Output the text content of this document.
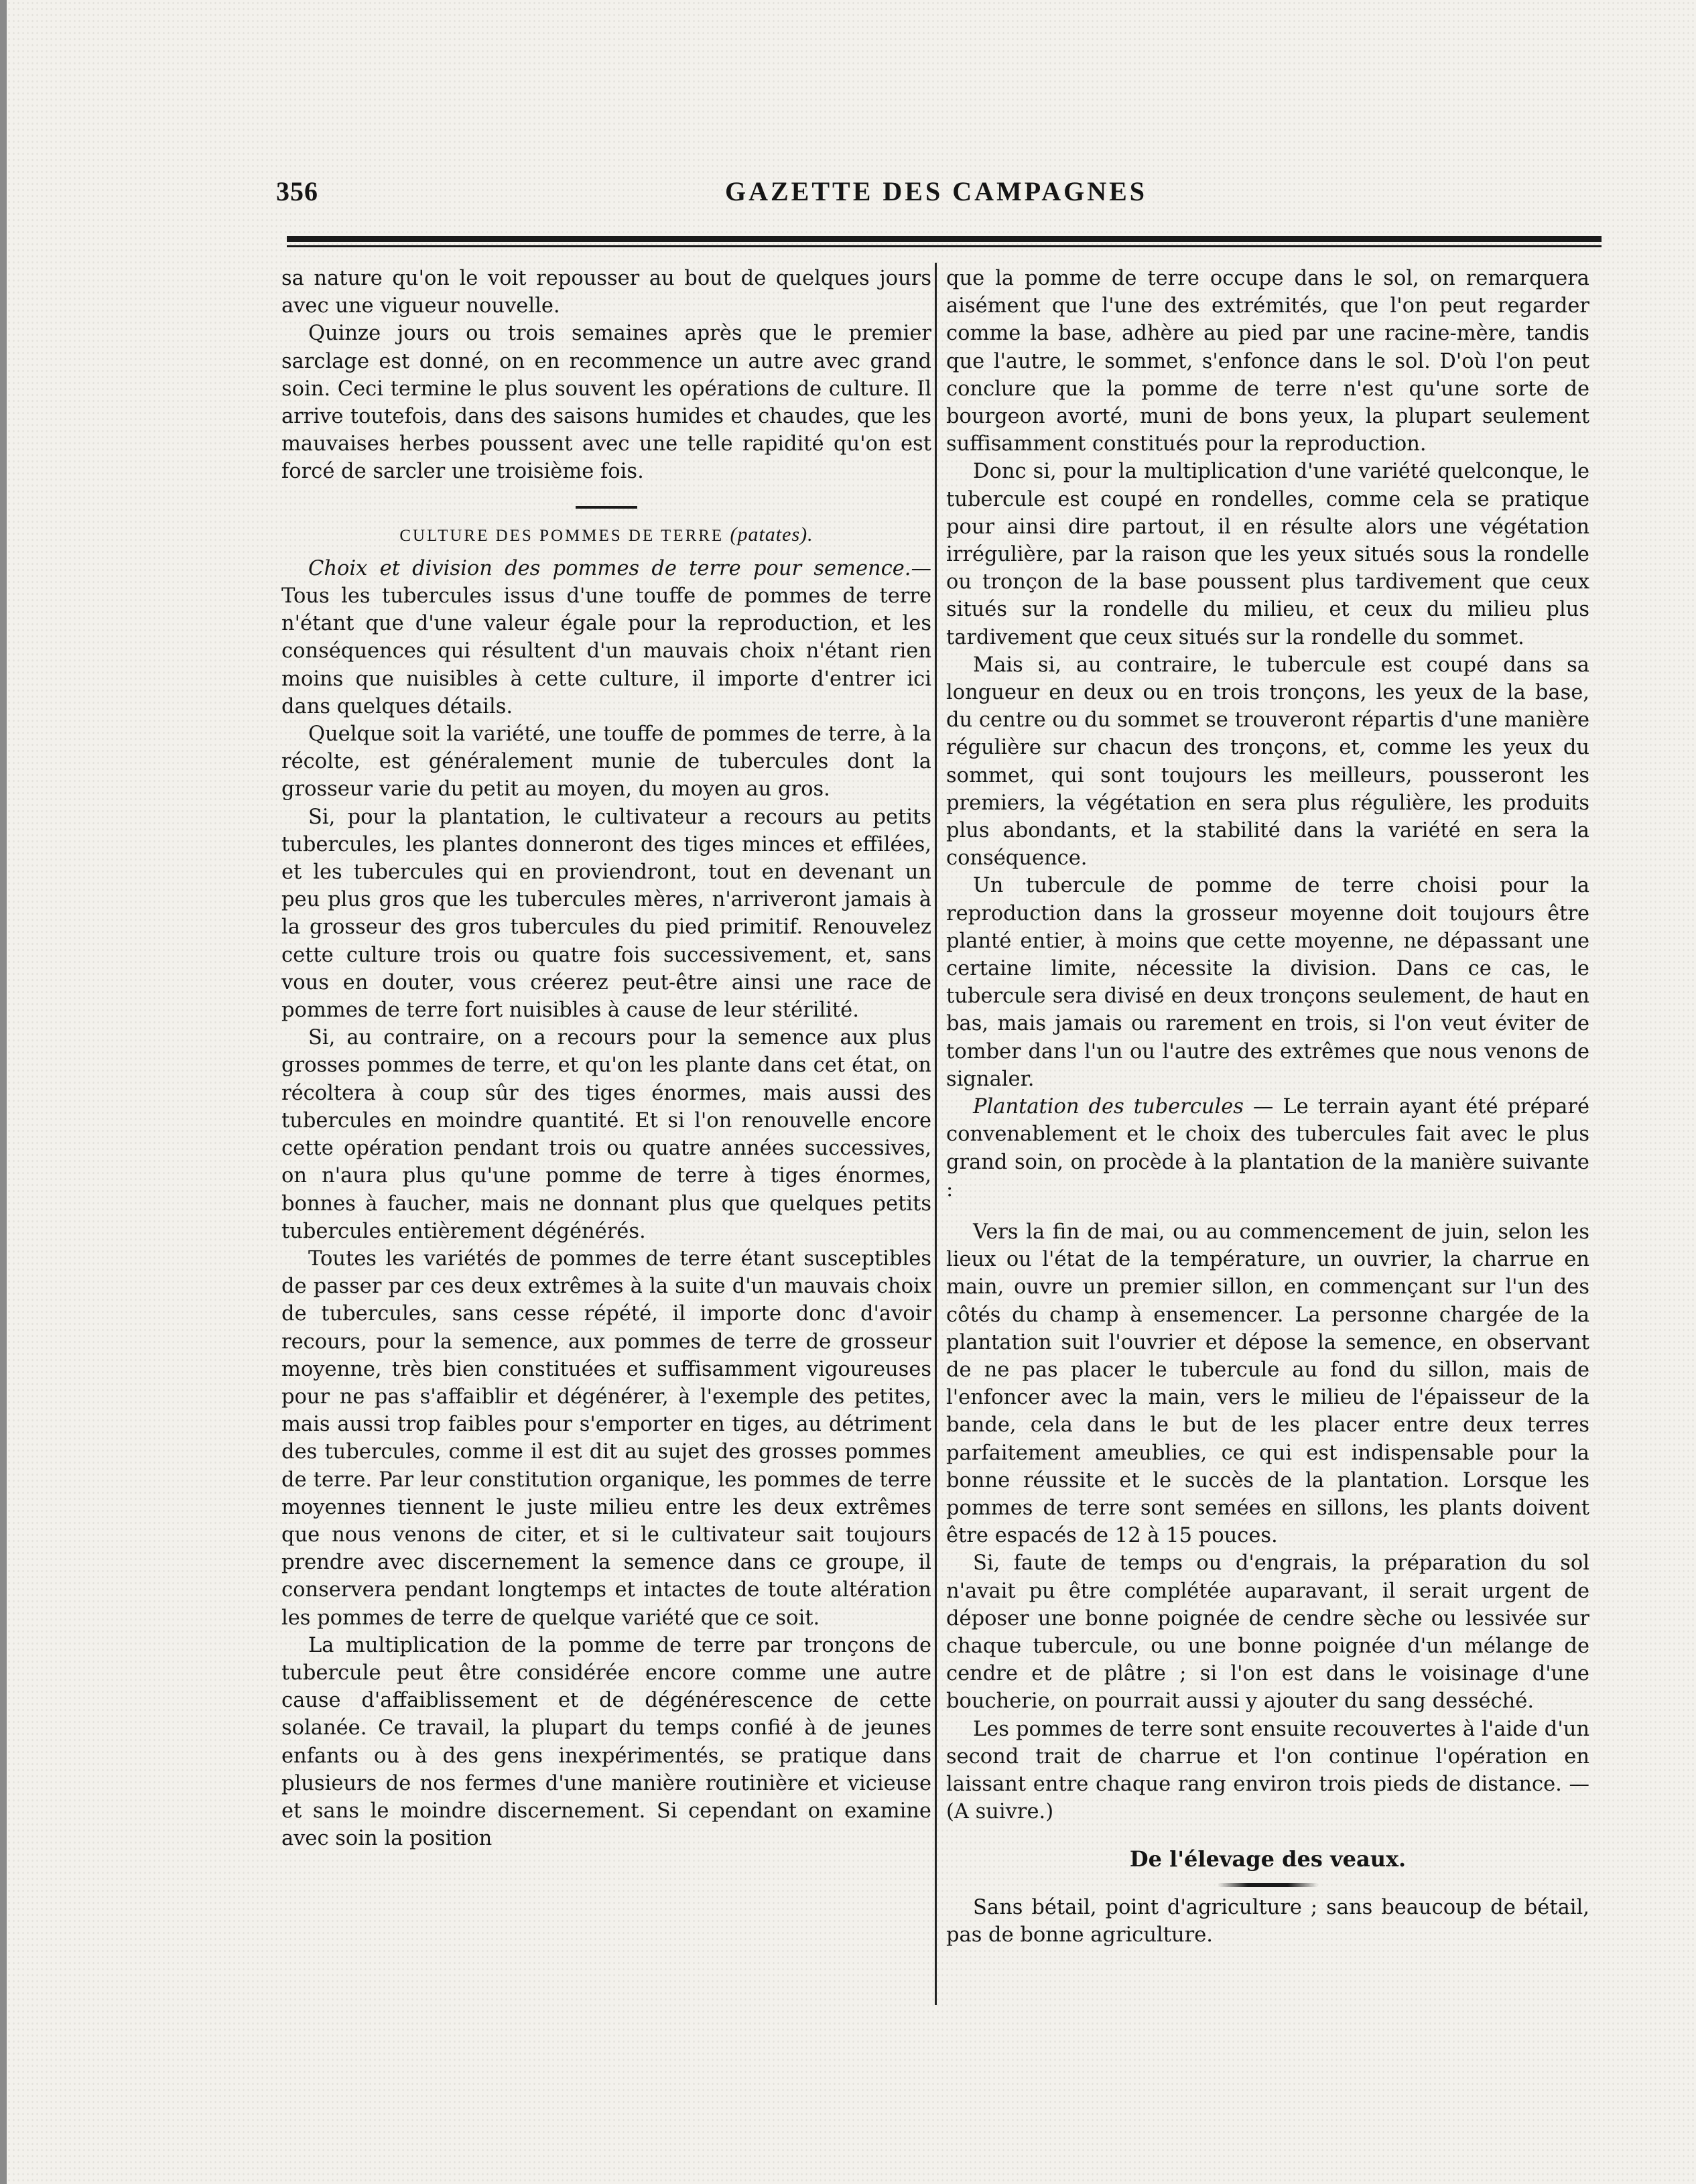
GAZETTE DES CAMPAGNES
356

sa nature qu'on le voit repousser au bout de quelques jours avec une vigueur nouvelle.

Quinze jours ou trois semaines après que le premier sarclage est donné, on en recommence un autre avec grand soin. Ceci termine le plus souvent les opérations de culture. Il arrive toutefois, dans des saisons humides et chaudes, que les mauvaises herbes poussent avec une telle rapidité qu'on est forcé de sarcler une troisième fois.

CULTURE DES POMMES DE TERRE (patates).

Choix et division des pommes de terre pour semence.— Tous les tubercules issus d'une touffe de pommes de terre n'étant que d'une valeur égale pour la reproduction, et les conséquences qui résultent d'un mauvais choix n'étant rien moins que nuisibles à cette culture, il importe d'entrer ici dans quelques détails.

Quelque soit la variété, une touffe de pommes de terre, à la récolte, est généralement munie de tubercules dont la grosseur varie du petit au moyen, du moyen au gros.

Si, pour la plantation, le cultivateur a recours au petits tubercules, les plantes donneront des tiges minces et effilées, et les tubercules qui en proviendront, tout en devenant un peu plus gros que les tubercules mères, n'arriveront jamais à la grosseur des gros tubercules du pied primitif. Renouvelez cette culture trois ou quatre fois successivement, et, sans vous en douter, vous créerez peut-être ainsi une race de pommes de terre fort nuisibles à cause de leur stérilité.

Si, au contraire, on a recours pour la semence aux plus grosses pommes de terre, et qu'on les plante dans cet état, on récoltera à coup sûr des tiges énormes, mais aussi des tubercules en moindre quantité. Et si l'on renouvelle encore cette opération pendant trois ou quatre années successives, on n'aura plus qu'une pomme de terre à tiges énormes, bonnes à faucher, mais ne donnant plus que quelques petits tubercules entièrement dégénérés.

Toutes les variétés de pommes de terre étant susceptibles de passer par ces deux extrêmes à la suite d'un mauvais choix de tubercules, sans cesse répété, il importe donc d'avoir recours, pour la semence, aux pommes de terre de grosseur moyenne, très bien constituées et suffisamment vigoureuses pour ne pas s'affaiblir et dégénérer, à l'exemple des petites, mais aussi trop faibles pour s'emporter en tiges, au détriment des tubercules, comme il est dit au sujet des grosses pommes de terre. Par leur constitution organique, les pommes de terre moyennes tiennent le juste milieu entre les deux extrêmes que nous venons de citer, et si le cultivateur sait toujours prendre avec discernement la semence dans ce groupe, il conservera pendant longtemps et intactes de toute altération les pommes de terre de quelque variété que ce soit.

La multiplication de la pomme de terre par tronçons de tubercule peut être considérée encore comme une autre cause d'affaiblissement et de dégénérescence de cette solanée. Ce travail, la plupart du temps confié à de jeunes enfants ou à des gens inexpérimentés, se pratique dans plusieurs de nos fermes d'une manière routinière et vicieuse et sans le moindre discernement. Si cependant on examine avec soin la position

que la pomme de terre occupe dans le sol, on remarquera aisément que l'une des extrémités, que l'on peut regarder comme la base, adhère au pied par une racine-mère, tandis que l'autre, le sommet, s'enfonce dans le sol. D'où l'on peut conclure que la pomme de terre n'est qu'une sorte de bourgeon avorté, muni de bons yeux, la plupart seulement suffisamment constitués pour la reproduction.

Donc si, pour la multiplication d'une variété quelconque, le tubercule est coupé en rondelles, comme cela se pratique pour ainsi dire partout, il en résulte alors une végétation irrégulière, par la raison que les yeux situés sous la rondelle ou tronçon de la base poussent plus tardivement que ceux situés sur la rondelle du milieu, et ceux du milieu plus tardivement que ceux situés sur la rondelle du sommet.

Mais si, au contraire, le tubercule est coupé dans sa longueur en deux ou en trois tronçons, les yeux de la base, du centre ou du sommet se trouveront répartis d'une manière régulière sur chacun des tronçons, et, comme les yeux du sommet, qui sont toujours les meilleurs, pousseront les premiers, la végétation en sera plus régulière, les produits plus abondants, et la stabilité dans la variété en sera la conséquence.

Un tubercule de pomme de terre choisi pour la reproduction dans la grosseur moyenne doit toujours être planté entier, à moins que cette moyenne, ne dépassant une certaine limite, nécessite la division. Dans ce cas, le tubercule sera divisé en deux tronçons seulement, de haut en bas, mais jamais ou rarement en trois, si l'on veut éviter de tomber dans l'un ou l'autre des extrêmes que nous venons de signaler.

Plantation des tubercules — Le terrain ayant été préparé convenablement et le choix des tubercules fait avec le plus grand soin, on procède à la plantation de la manière suivante :

Vers la fin de mai, ou au commencement de juin, selon les lieux ou l'état de la température, un ouvrier, la charrue en main, ouvre un premier sillon, en commençant sur l'un des côtés du champ à ensemencer. La personne chargée de la plantation suit l'ouvrier et dépose la semence, en observant de ne pas placer le tubercule au fond du sillon, mais de l'enfoncer avec la main, vers le milieu de l'épaisseur de la bande, cela dans le but de les placer entre deux terres parfaitement ameublies, ce qui est indispensable pour la bonne réussite et le succès de la plantation. Lorsque les pommes de terre sont semées en sillons, les plants doivent être espacés de 12 à 15 pouces.

Si, faute de temps ou d'engrais, la préparation du sol n'avait pu être complétée auparavant, il serait urgent de déposer une bonne poignée de cendre sèche ou lessivée sur chaque tubercule, ou une bonne poignée d'un mélange de cendre et de plâtre ; si l'on est dans le voisinage d'une boucherie, on pourrait aussi y ajouter du sang desséché.

Les pommes de terre sont ensuite recouvertes à l'aide d'un second trait de charrue et l'on continue l'opération en laissant entre chaque rang environ trois pieds de distance. — (A suivre.)

De l'élevage des veaux.

Sans bétail, point d'agriculture ; sans beaucoup de bétail, pas de bonne agriculture.
